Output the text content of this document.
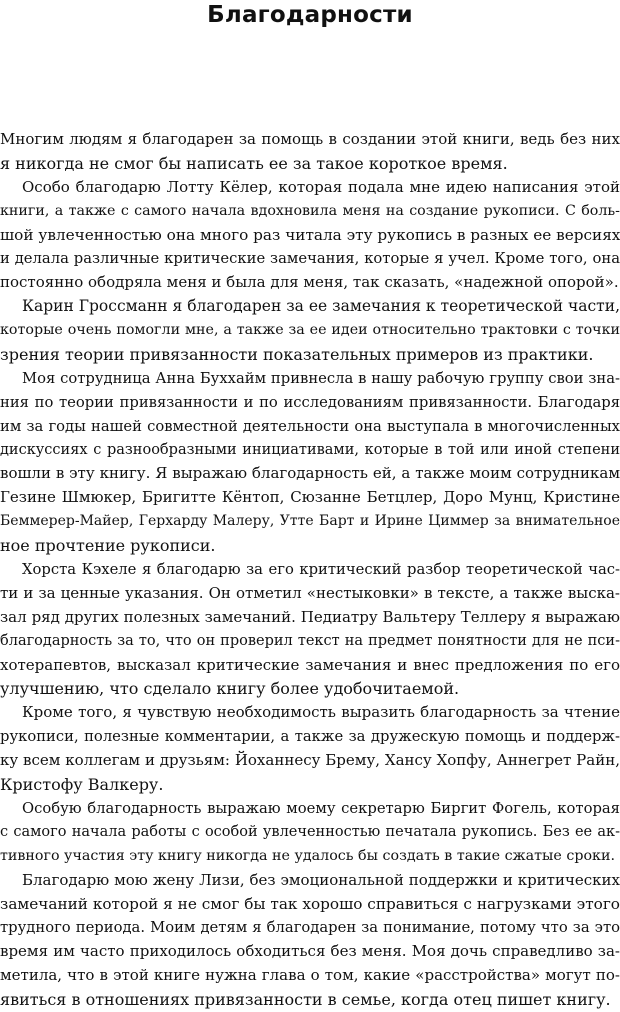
Благодарности
Многим людям я благодарен за помощь в создании этой книги, ведь без них
я никогда не смог бы написать ее за такое короткое время.
Особо благодарю Лотту Кёлер, которая подала мне идею написания этой
книги, а также с самого начала вдохновила меня на создание рукописи. С боль-
шой увлеченностью она много раз читала эту рукопись в разных ее версиях
и делала различные критические замечания, которые я учел. Кроме того, она
постоянно ободряла меня и была для меня, так сказать, «надежной опорой».
Карин Гроссманн я благодарен за ее замечания к теоретической части,
которые очень помогли мне, а также за ее идеи относительно трактовки с точки
зрения теории привязанности показательных примеров из практики.
Моя сотрудница Анна Буххайм привнесла в нашу рабочую группу свои зна-
ния по теории привязанности и по исследованиям привязанности. Благодаря
им за годы нашей совместной деятельности она выступала в многочисленных
дискуссиях с разнообразными инициативами, которые в той или иной степени
вошли в эту книгу. Я выражаю благодарность ей, а также моим сотрудникам
Гезине Шмюкер, Бригитте Кёнтоп, Сюзанне Бетцлер, Доро Мунц, Кристине
Беммерер-Майер, Герхарду Малеру, Утте Барт и Ирине Циммер за внимательное
ное прочтение рукописи.
Хорста Кэхеле я благодарю за его критический разбор теоретической час-
ти и за ценные указания. Он отметил «нестыковки» в тексте, а также выска-
зал ряд других полезных замечаний. Педиатру Вальтеру Теллеру я выражаю
благодарность за то, что он проверил текст на предмет понятности для не пси-
хотерапевтов, высказал критические замечания и внес предложения по его
улучшению, что сделало книгу более удобочитаемой.
Кроме того, я чувствую необходимость выразить благодарность за чтение
рукописи, полезные комментарии, а также за дружескую помощь и поддерж-
ку всем коллегам и друзьям: Йоханнесу Брему, Хансу Хопфу, Аннегрет Райн,
Кристофу Валкеру.
Особую благодарность выражаю моему секретарю Биргит Фогель, которая
с самого начала работы с особой увлеченностью печатала рукопись. Без ее ак-
тивного участия эту книгу никогда не удалось бы создать в такие сжатые сроки.
Благодарю мою жену Лизи, без эмоциональной поддержки и критических
замечаний которой я не смог бы так хорошо справиться с нагрузками этого
трудного периода. Моим детям я благодарен за понимание, потому что за это
время им часто приходилось обходиться без меня. Моя дочь справедливо за-
метила, что в этой книге нужна глава о том, какие «расстройства» могут по-
явиться в отношениях привязанности в семье, когда отец пишет книгу.
